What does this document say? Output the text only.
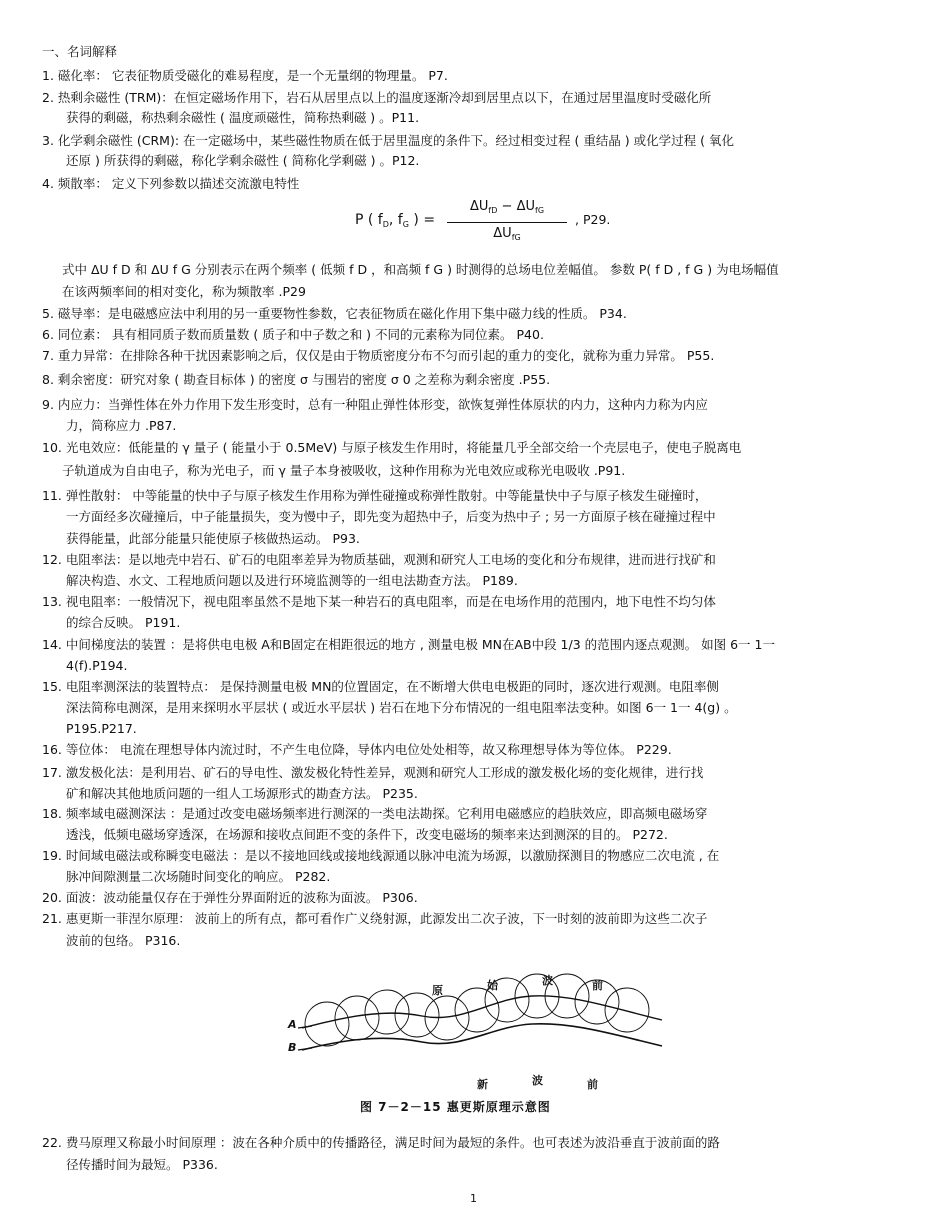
一、名词解释
1. 磁化率： 它表征物质受磁化的难易程度，是一个无量纲的物理量。 P7.
2. 热剩余磁性 (TRM)：在恒定磁场作用下，岩石从居里点以上的温度逐渐冷却到居里点以下，在通过居里温度时受磁化所
获得的剩磁，称热剩余磁性 ( 温度顽磁性，简称热剩磁 ) 。P11.
3. 化学剩余磁性 (CRM): 在一定磁场中，某些磁性物质在低于居里温度的条件下。经过相变过程 ( 重结晶 ) 或化学过程 ( 氧化
还原 ) 所获得的剩磁，称化学剩余磁性 ( 简称化学剩磁 ) 。P12.
4. 频散率： 定义下列参数以描述交流激电特性
P ( $f_D$, $f_G$ ) =
$\Delta U_{fD} - \Delta U_{fG}$
$\Delta U_{fG}$
, P29.
式中 ΔU f D 和 ΔU f G 分别表示在两个频率 ( 低频 f D ，和高频 f G ) 时测得的总场电位差幅值。 参数 P( f D , f G ) 为电场幅值
在该两频率间的相对变化，称为频散率 .P29
5. 磁导率：是电磁感应法中利用的另一重要物性参数，它表征物质在磁化作用下集中磁力线的性质。 P34.
6. 同位素： 具有相同质子数而质量数 ( 质子和中子数之和 ) 不同的元素称为同位素。 P40.
7. 重力异常：在排除各种干扰因素影响之后，仅仅是由于物质密度分布不匀而引起的重力的变化，就称为重力异常。 P55.
8. 剩余密度：研究对象 ( 勘查目标体 ) 的密度 σ 与围岩的密度 σ 0 之差称为剩余密度 .P55.
9. 内应力：当弹性体在外力作用下发生形变时，总有一种阻止弹性体形变，欲恢复弹性体原状的内力，这种内力称为内应
力，简称应力 .P87.
10. 光电效应：低能量的 γ 量子 ( 能量小于 0.5MeV) 与原子核发生作用时，将能量几乎全部交给一个壳层电子，使电子脱离电
子轨道成为自由电子，称为光电子，而 γ 量子本身被吸收，这种作用称为光电效应或称光电吸收 .P91.
11. 弹性散射： 中等能量的快中子与原子核发生作用称为弹性碰撞或称弹性散射。中等能量快中子与原子核发生碰撞时，
一方面经多次碰撞后，中子能量损失，变为慢中子，即先变为超热中子，后变为热中子 ; 另一方面原子核在碰撞过程中
获得能量，此部分能量只能使原子核做热运动。 P93.
12. 电阻率法：是以地壳中岩石、矿石的电阻率差异为物质基础，观测和研究人工电场的变化和分布规律，进而进行找矿和
解决构造、水文、工程地质问题以及进行环境监测等的一组电法勘查方法。 P189.
13. 视电阻率：一般情况下，视电阻率虽然不是地下某一种岩石的真电阻率，而是在电场作用的范围内，地下电性不均匀体
的综合反映。 P191.
14. 中间梯度法的装置 ：是将供电电极 A和B固定在相距很远的地方 , 测量电极 MN在AB中段 1/3 的范围内逐点观测。 如图 6一 1一
4(f).P194.
15. 电阻率测深法的装置特点： 是保持测量电极 MN的位置固定，在不断增大供电电极距的同时，逐次进行观测。电阻率侧
深法简称电测深，是用来探明水平层状 ( 或近水平层状 ) 岩石在地下分布情况的一组电阻率法变种。如图 6一 1一 4(g) 。
P195.P217.
16. 等位体： 电流在理想导体内流过时，不产生电位降，导体内电位处处相等，故又称理想导体为等位体。 P229.
17. 激发极化法：是利用岩、矿石的导电性、激发极化特性差异，观测和研究人工形成的激发极化场的变化规律，进行找
矿和解决其他地质问题的一组人工场源形式的勘查方法。 P235.
18. 频率域电磁测深法 ：是通过改变电磁场频率进行测深的一类电法勘探。它利用电磁感应的趋肤效应，即高频电磁场穿
透浅，低频电磁场穿透深，在场源和接收点间距不变的条件下，改变电磁场的频率来达到测深的目的。 P272.
19. 时间域电磁法或称瞬变电磁法 ：是以不接地回线或接地线源通以脉冲电流为场源，以激励探测目的物感应二次电流 , 在
脉冲间隙测量二次场随时间变化的响应。 P282.
20. 面波：波动能量仅存在于弹性分界面附近的波称为面波。 P306.
21. 惠更斯一菲涅尔原理： 波前上的所有点，都可看作广义绕射源，此源发出二次子波，下一时刻的波前即为这些二次子
波前的包络。 P316.
原	始	波	前
新	波	前
A
B
图 7－2－15 惠更斯原理示意图
22. 费马原理又称最小时间原理 ：波在各种介质中的传播路径，满足时间为最短的条件。也可表述为波沿垂直于波前面的路
径传播时间为最短。 P336.
1
